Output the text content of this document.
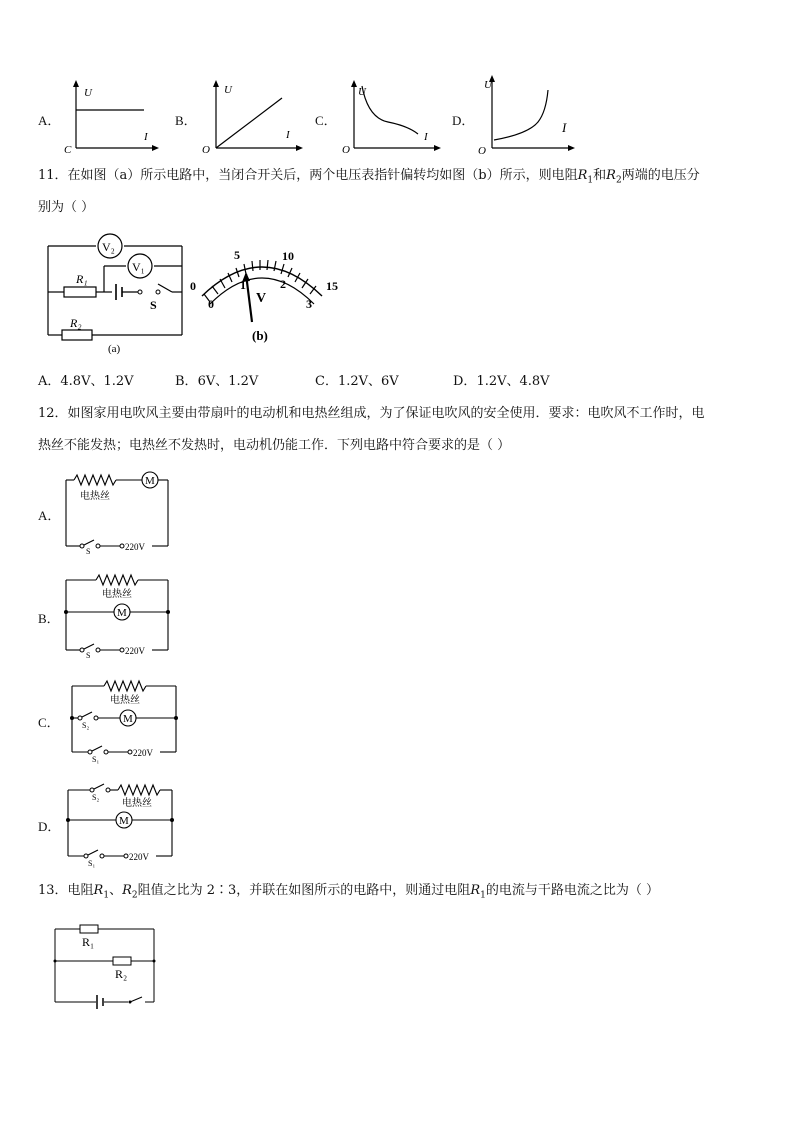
A．
U
I
C
B．
U
I
O
C．
U
I
O
D．
U
I
O
11．在如图（a）所示电路中，当闭合开关后，两个电压表指针偏转均如图（b）所示，则电阻$R_1$和$R_2$两端的电压分
别为（ ）
V₂
V₁
R₁
R₂
S
(a)
0
5	10
15
0
1	2
3
V
(b)
A．4.8V、1.2V	B．6V、1.2V	C．1.2V、6V	D．1.2V、4.8V
12．如图家用电吹风主要由带扇叶的电动机和电热丝组成，为了保证电吹风的安全使用．要求：电吹风不工作时，电
热丝不能发热；电热丝不发热时，电动机仍能工作．下列电路中符合要求的是（ ）
A．
M
电热丝
S	220V
B．	M
电热丝
S	220V
C．	M
电热丝
S₂
S₁
220V
D．	M
电热丝
S₂
S₁
220V
13．电阻$R_1$、$R_2$阻值之比为 2∶3，并联在如图所示的电路中，则通过电阻$R_1$的电流与干路电流之比为（ ）
R₁
R₂
